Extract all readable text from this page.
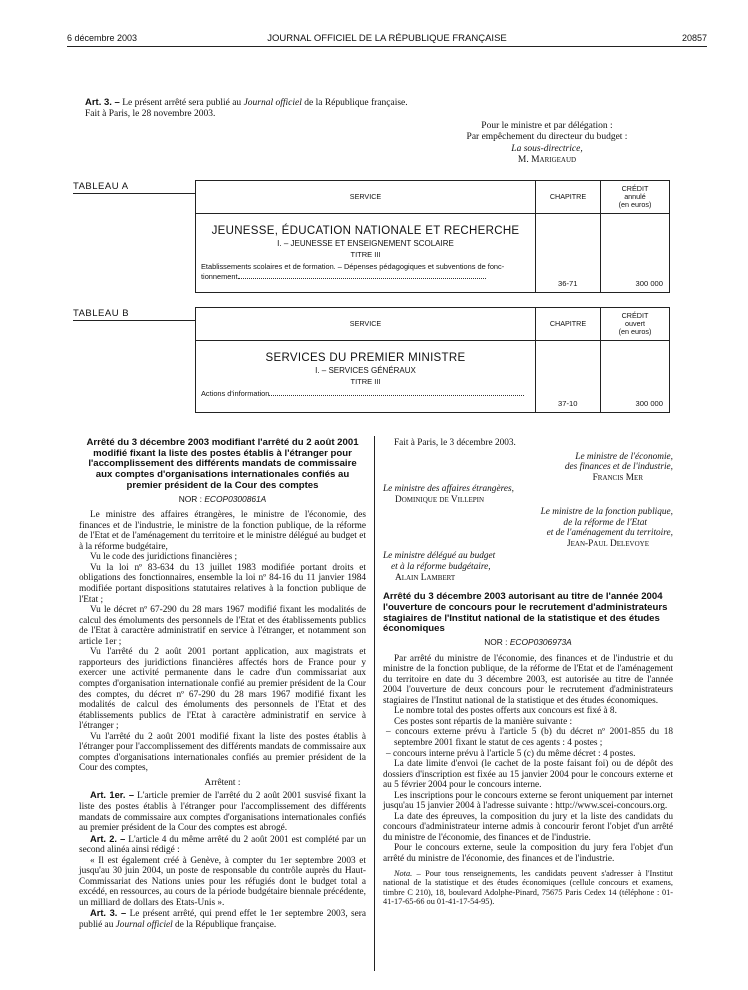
6 décembre 2003	JOURNAL OFFICIEL DE LA RÉPUBLIQUE FRANÇAISE	20857
Art. 3. – Le présent arrêté sera publié au Journal officiel de la République française.
Fait à Paris, le 28 novembre 2003.
Pour le ministre et par délégation :
Par empêchement du directeur du budget :
La sous-directrice,
M. Marigeaud
TABLEAU A
SERVICE	CHAPITRE
CRÉDIT
annulé
(en euros)
JEUNESSE, ÉDUCATION NATIONALE ET RECHERCHE
I. – JEUNESSE ET ENSEIGNEMENT SCOLAIRE
TITRE III
Etablissements scolaires et de formation. – Dépenses pédagogiques et subventions de fonc-
tionnement
36-71	300 000
TABLEAU B
SERVICE	CHAPITRE
CRÉDIT
ouvert
(en euros)
SERVICES DU PREMIER MINISTRE
I. – SERVICES GÉNÉRAUX
TITRE III
Actions d'information
37-10	300 000
Arrêté du 3 décembre 2003 modifiant l'arrêté du 2 août 2001 modifié fixant la liste des postes établis à l'étranger pour l'accomplissement des différents mandats de commissaire aux comptes d'organisations internationales confiés au premier président de la Cour des comptes
NOR : ECOP0300861A

Le ministre des affaires étrangères, le ministre de l'économie, des finances et de l'industrie, le ministre de la fonction publique, de la réforme de l'Etat et de l'aménagement du territoire et le ministre délégué au budget et à la réforme budgétaire,

Vu le code des juridictions financières ;

Vu la loi nº 83-634 du 13 juillet 1983 modifiée portant droits et obligations des fonctionnaires, ensemble la loi nº 84-16 du 11 janvier 1984 modifiée portant dispositions statutaires relatives à la fonction publique de l'Etat ;

Vu le décret nº 67-290 du 28 mars 1967 modifié fixant les modalités de calcul des émoluments des personnels de l'Etat et des établissements publics de l'Etat à caractère administratif en service à l'étranger, et notamment son article 1er ;

Vu l'arrêté du 2 août 2001 portant application, aux magistrats et rapporteurs des juridictions financières affectés hors de France pour y exercer une activité permanente dans le cadre d'un commissariat aux comptes d'organisation internationale confié au premier président de la Cour des comptes, du décret nº 67-290 du 28 mars 1967 modifié fixant les modalités de calcul des émoluments des personnels de l'Etat et des établissements publics de l'Etat à caractère administratif en service à l'étranger ;

Vu l'arrêté du 2 août 2001 modifié fixant la liste des postes établis à l'étranger pour l'accomplissement des différents mandats de commissaire aux comptes d'organisations internationales confiés au premier président de la Cour des comptes,

Arrêtent :

Art. 1er. – L'article premier de l'arrêté du 2 août 2001 susvisé fixant la liste des postes établis à l'étranger pour l'accomplissement des différents mandats de commissaire aux comptes d'organisations internationales confiés au premier président de la Cour des comptes est abrogé.

Art. 2. – L'article 4 du même arrêté du 2 août 2001 est complété par un second alinéa ainsi rédigé :

« Il est également créé à Genève, à compter du 1er septembre 2003 et jusqu'au 30 juin 2004, un poste de responsable du contrôle auprès du Haut-Commissariat des Nations unies pour les réfugiés dont le budget total a excédé, en ressources, au cours de la période budgétaire biennale précédente, un milliard de dollars des Etats-Unis ».

Art. 3. – Le présent arrêté, qui prend effet le 1er septembre 2003, sera publié au Journal officiel de la République française.

Fait à Paris, le 3 décembre 2003.

Le ministre de l'économie,
des finances et de l'industrie,
Francis Mer
Le ministre des affaires étrangères,
Dominique de Villepin
Le ministre de la fonction publique,
de la réforme de l'Etat
et de l'aménagement du territoire,
Jean-Paul Delevoye
Le ministre délégué au budget
et à la réforme budgétaire,
Alain Lambert
Arrêté du 3 décembre 2003 autorisant au titre de l'année 2004 l'ouverture de concours pour le recrutement d'administrateurs stagiaires de l'Institut national de la statistique et des études économiques
NOR : ECOP0306973A

Par arrêté du ministre de l'économie, des finances et de l'industrie et du ministre de la fonction publique, de la réforme de l'Etat et de l'aménagement du territoire en date du 3 décembre 2003, est autorisée au titre de l'année 2004 l'ouverture de deux concours pour le recrutement d'administrateurs stagiaires de l'Institut national de la statistique et des études économiques.

Le nombre total des postes offerts aux concours est fixé à 8.

Ces postes sont répartis de la manière suivante :

– concours externe prévu à l'article 5 (b) du décret nº 2001-855 du 18 septembre 2001 fixant le statut de ces agents : 4 postes ;

– concours interne prévu à l'article 5 (c) du même décret : 4 postes.

La date limite d'envoi (le cachet de la poste faisant foi) ou de dépôt des dossiers d'inscription est fixée au 15 janvier 2004 pour le concours externe et au 5 février 2004 pour le concours interne.

Les inscriptions pour le concours externe se feront uniquement par internet jusqu'au 15 janvier 2004 à l'adresse suivante : http://www.scei-concours.org.

La date des épreuves, la composition du jury et la liste des candidats du concours d'administrateur interne admis à concourir feront l'objet d'un arrêté du ministre de l'économie, des finances et de l'industrie.

Pour le concours externe, seule la composition du jury fera l'objet d'un arrêté du ministre de l'économie, des finances et de l'industrie.

Nota. – Pour tous renseignements, les candidats peuvent s'adresser à l'Institut national de la statistique et des études économiques (cellule concours et examens, timbre C 210), 18, boulevard Adolphe-Pinard, 75675 Paris Cedex 14 (téléphone : 01-41-17-65-66 ou 01-41-17-54-95).
